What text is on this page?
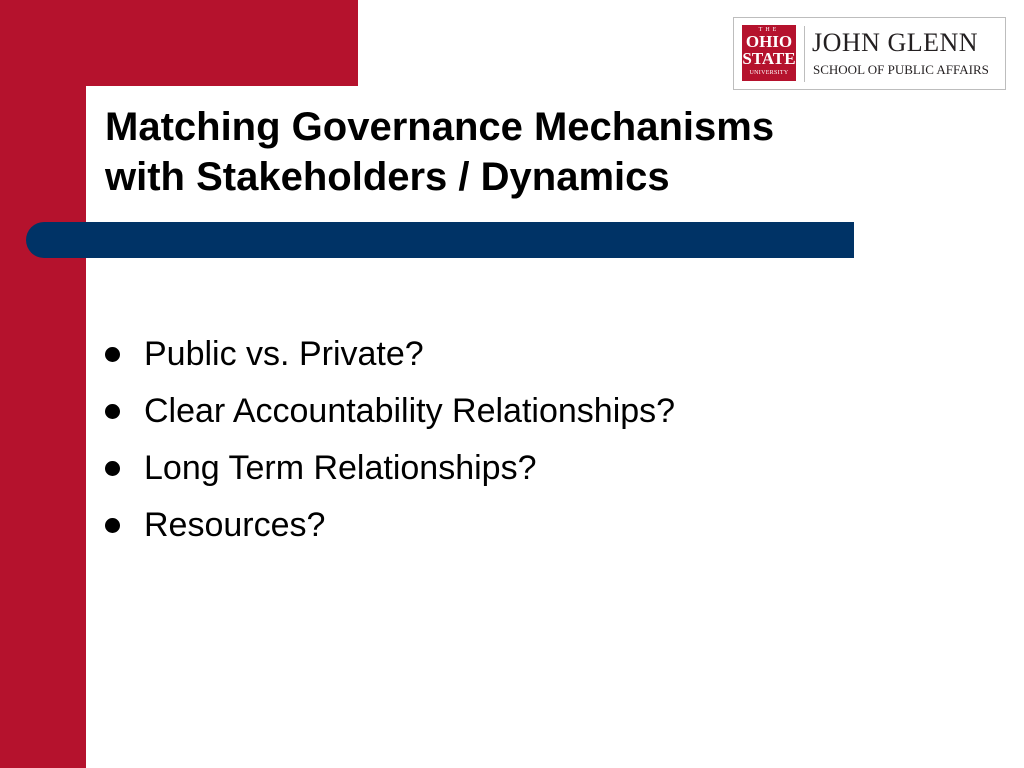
THE
OHIO
STATE
UNIVERSITY
JOHN GLENN
SCHOOL OF PUBLIC AFFAIRS
Matching Governance Mechanisms
with Stakeholders / Dynamics
Public vs. Private?
Clear Accountability Relationships?
Long Term Relationships?
Resources?
